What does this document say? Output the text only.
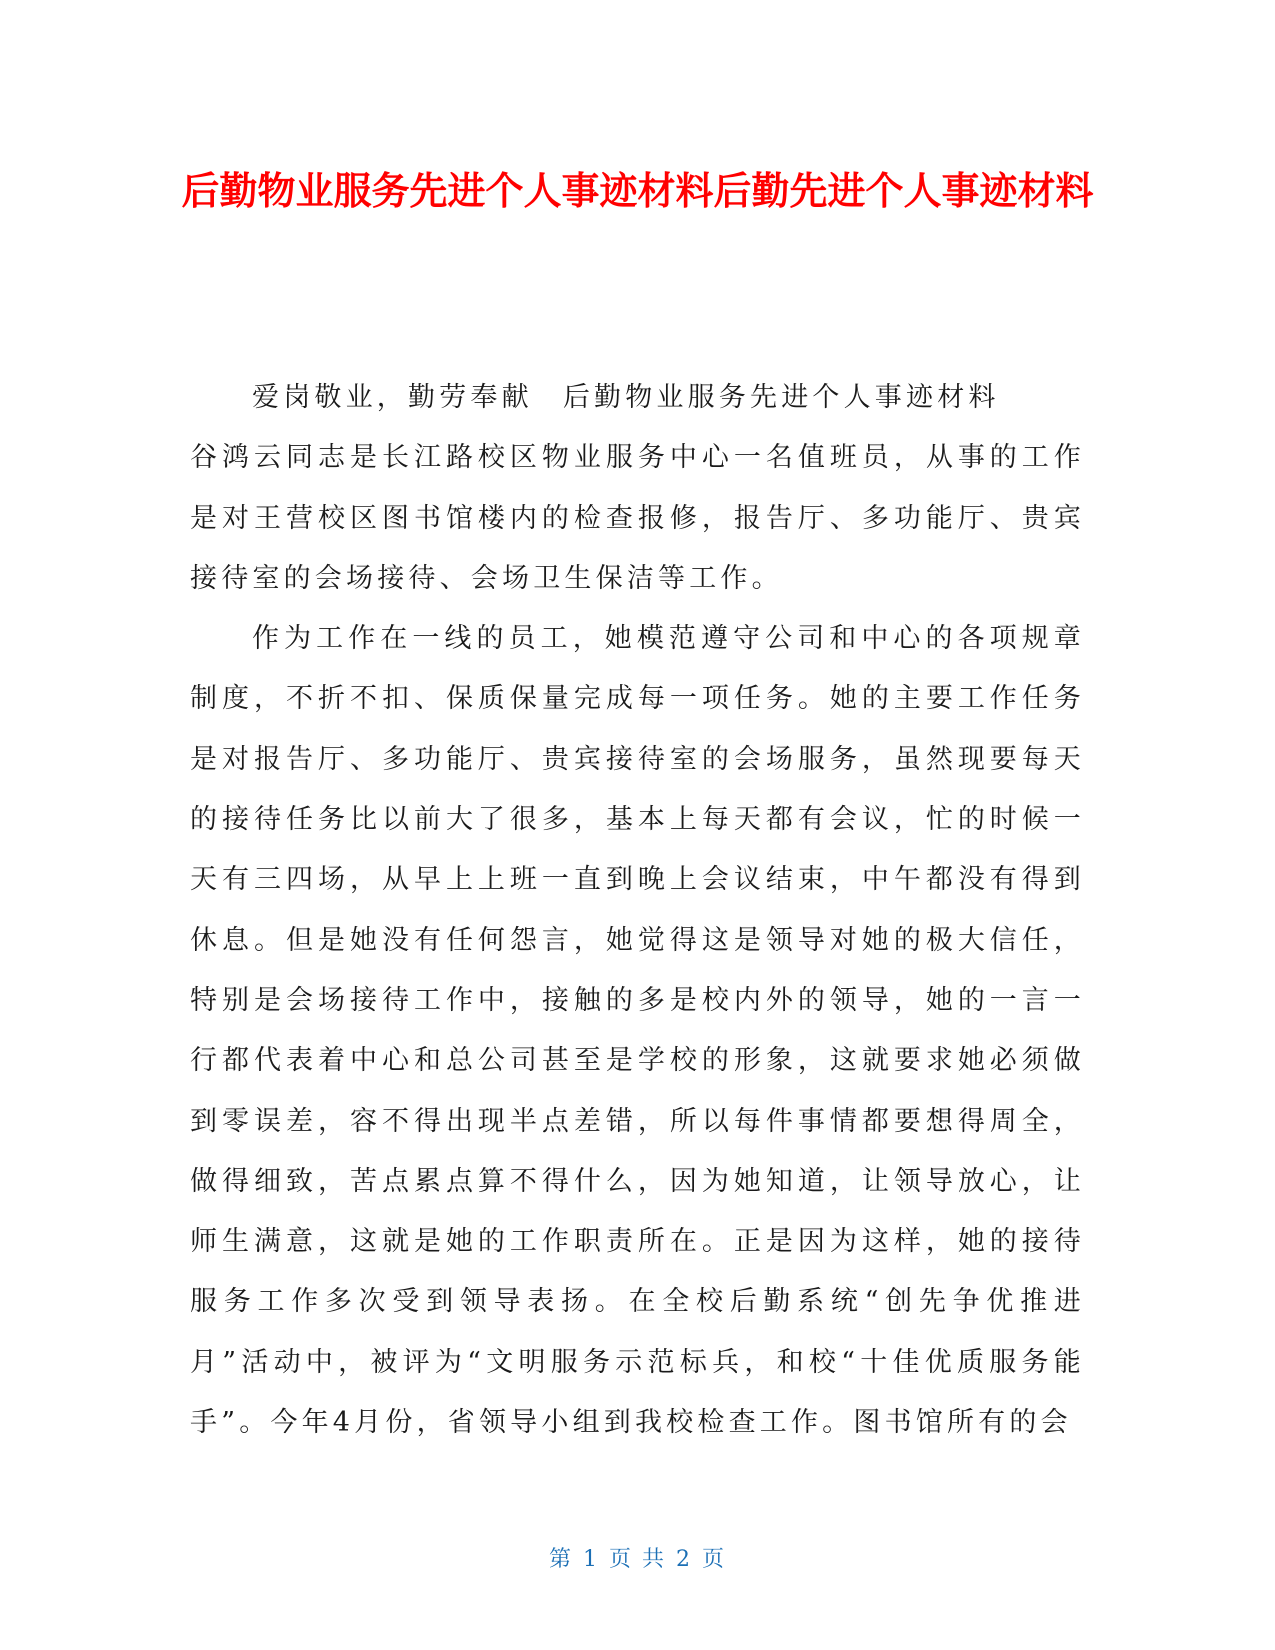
后勤物业服务先进个人事迹材料后勤先进个人事迹材料

爱岗敬业，勤劳奉献 后勤物业服务先进个人事迹材料

谷鸿云同志是长江路校区物业服务中心一名值班员，从事的工作是对王营校区图书馆楼内的检查报修，报告厅、多功能厅、贵宾接待室的会场接待、会场卫生保洁等工作。

作为工作在一线的员工，她模范遵守公司和中心的各项规章制度，不折不扣、保质保量完成每一项任务。她的主要工作任务是对报告厅、多功能厅、贵宾接待室的会场服务，虽然现要每天的接待任务比以前大了很多，基本上每天都有会议，忙的时候一天有三四场，从早上上班一直到晚上会议结束，中午都没有得到休息。但是她没有任何怨言，她觉得这是领导对她的极大信任，特别是会场接待工作中，接触的多是校内外的领导，她的一言一行都代表着中心和总公司甚至是学校的形象，这就要求她必须做到零误差，容不得出现半点差错，所以每件事情都要想得周全，做得细致，苦点累点算不得什么，因为她知道，让领导放心，让师生满意，这就是她的工作职责所在。正是因为这样，她的接待服务工作多次受到领导表扬。在全校后勤系统“创先争优推进月”活动中，被评为“文明服务示范标兵，和校“十佳优质服务能手”。今年4月份，省领导小组到我校检查工作。图书馆所有的会

第 1 页 共 2 页
